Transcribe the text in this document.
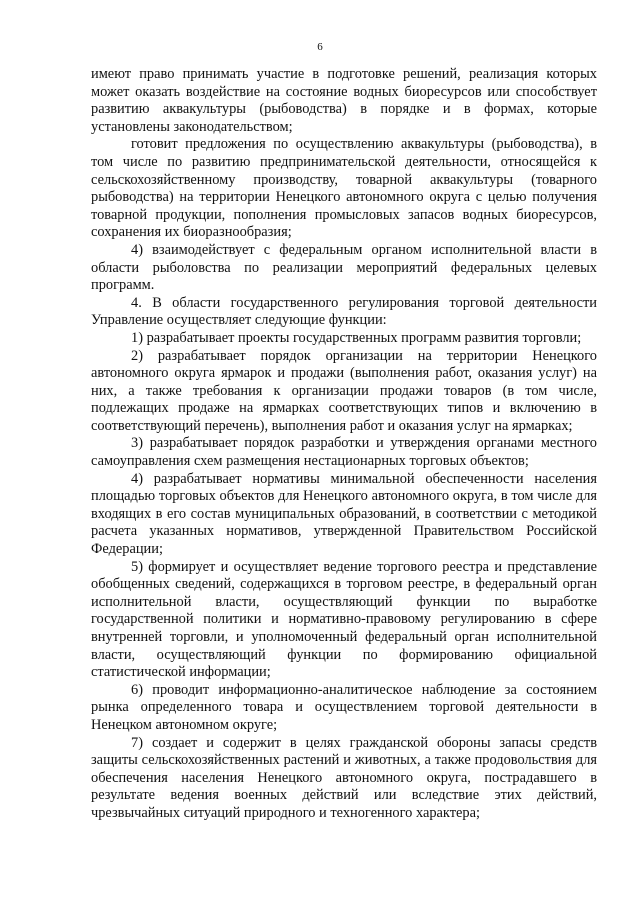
6

имеют право принимать участие в подготовке решений, реализация которых может оказать воздействие на состояние водных биоресурсов или способствует развитию аквакультуры (рыбоводства) в порядке и в формах, которые установлены законодательством;

готовит предложения по осуществлению аквакультуры (рыбоводства), в том числе по развитию предпринимательской деятельности, относящейся к сельскохозяйственному производству, товарной аквакультуры (товарного рыбоводства) на территории Ненецкого автономного округа с целью получения товарной продукции, пополнения промысловых запасов водных биоресурсов, сохранения их биоразнообразия;

4) взаимодействует с федеральным органом исполнительной власти в области рыболовства по реализации мероприятий федеральных целевых программ.

4. В области государственного регулирования торговой деятельности Управление осуществляет следующие функции:

1) разрабатывает проекты государственных программ развития торговли;

2) разрабатывает порядок организации на территории Ненецкого автономного округа ярмарок и продажи (выполнения работ, оказания услуг) на них, а также требования к организации продажи товаров (в том числе, подлежащих продаже на ярмарках соответствующих типов и включению в соответствующий перечень), выполнения работ и оказания услуг на ярмарках;

3) разрабатывает порядок разработки и утверждения органами местного самоуправления схем размещения нестационарных торговых объектов;

4) разрабатывает нормативы минимальной обеспеченности населения площадью торговых объектов для Ненецкого автономного округа, в том числе для входящих в его состав муниципальных образований, в соответствии с методикой расчета указанных нормативов, утвержденной Правительством Российской Федерации;

5) формирует и осуществляет ведение торгового реестра и представление обобщенных сведений, содержащихся в торговом реестре, в федеральный орган исполнительной власти, осуществляющий функции по выработке государственной политики и нормативно-правовому регулированию в сфере внутренней торговли, и уполномоченный федеральный орган исполнительной власти, осуществляющий функции по формированию официальной статистической информации;

6) проводит информационно-аналитическое наблюдение за состоянием рынка определенного товара и осуществлением торговой деятельности в Ненецком автономном округе;

7) создает и содержит в целях гражданской обороны запасы средств защиты сельскохозяйственных растений и животных, а также продовольствия для обеспечения населения Ненецкого автономного округа, пострадавшего в результате ведения военных действий или вследствие этих действий, чрезвычайных ситуаций природного и техногенного характера;
